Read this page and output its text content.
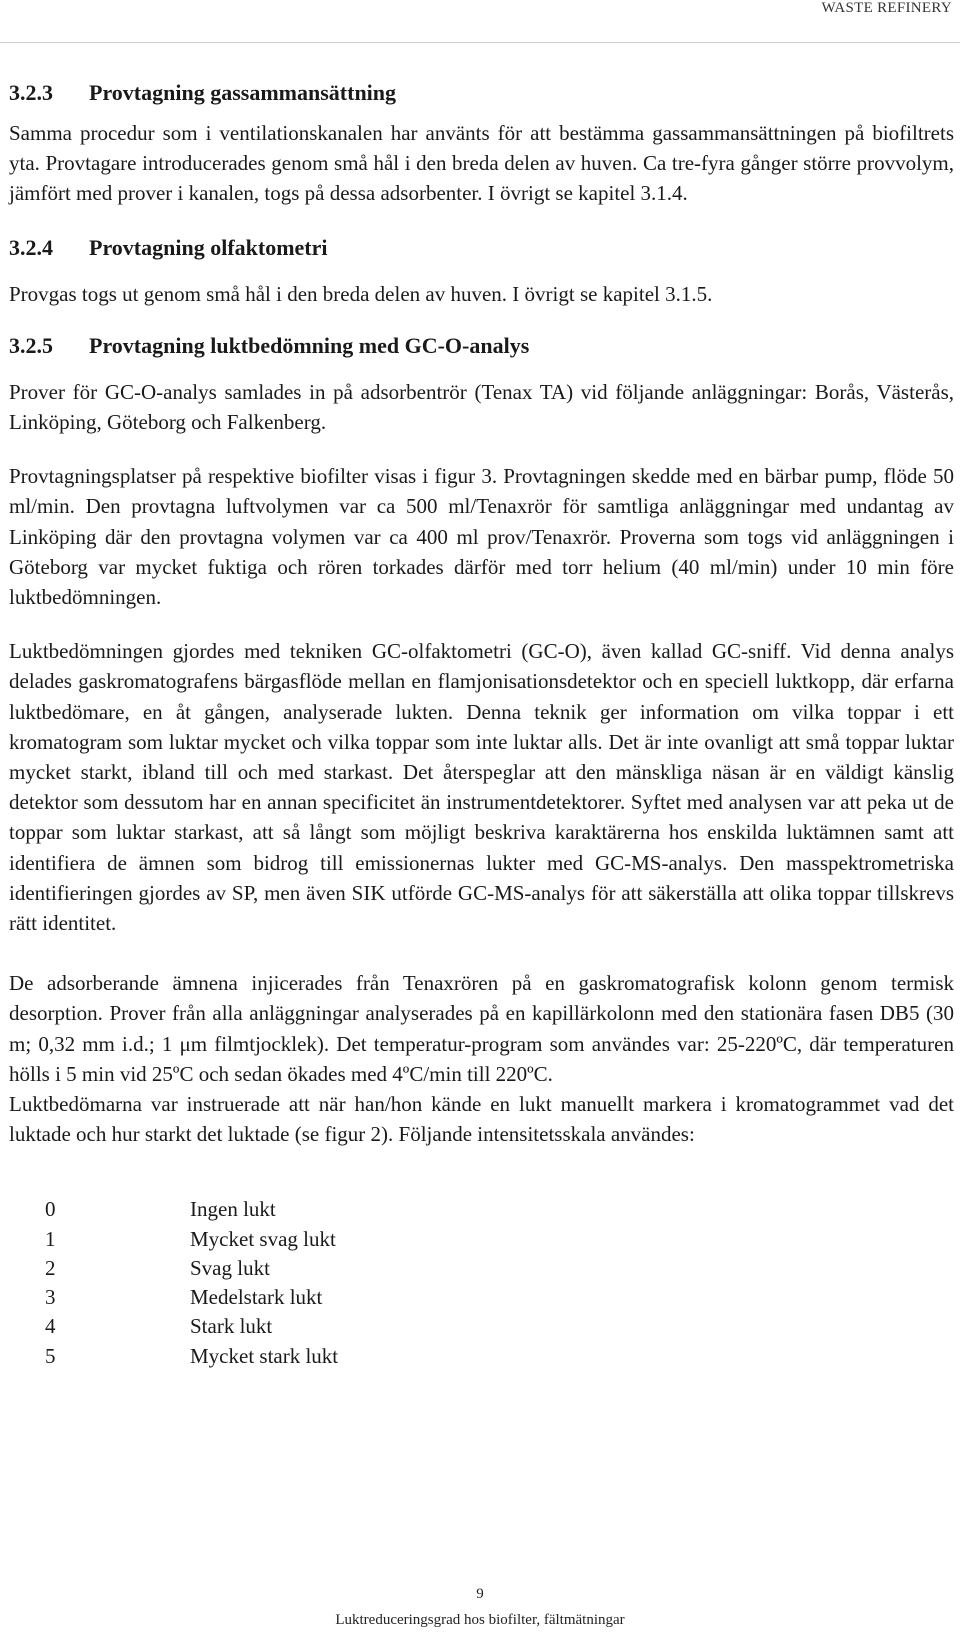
WASTE REFINERY
3.2.3	Provtagning gassammansättning

Samma procedur som i ventilationskanalen har använts för att bestämma gassammansättningen på biofiltrets yta. Provtagare introducerades genom små hål i den breda delen av huven. Ca tre-fyra gånger större provvolym, jämfört med prover i kanalen, togs på dessa adsorbenter. I övrigt se kapitel 3.1.4.

3.2.4	Provtagning olfaktometri

Provgas togs ut genom små hål i den breda delen av huven. I övrigt se kapitel 3.1.5.

3.2.5	Provtagning luktbedömning med GC-O-analys

Prover för GC-O-analys samlades in på adsorbentrör (Tenax TA) vid följande anläggningar: Borås, Västerås, Linköping, Göteborg och Falkenberg.

Provtagningsplatser på respektive biofilter visas i figur 3. Provtagningen skedde med en bärbar pump, flöde 50 ml/min. Den provtagna luftvolymen var ca 500 ml/Tenaxrör för samtliga anläggningar med undantag av Linköping där den provtagna volymen var ca 400 ml prov/Tenaxrör. Proverna som togs vid anläggningen i Göteborg var mycket fuktiga och rören torkades därför med torr helium (40 ml/min) under 10 min före luktbedömningen.

Luktbedömningen gjordes med tekniken GC-olfaktometri (GC-O), även kallad GC-sniff. Vid denna analys delades gaskromatografens bärgasflöde mellan en flamjonisationsdetektor och en speciell luktkopp, där erfarna luktbedömare, en åt gången, analyserade lukten. Denna teknik ger information om vilka toppar i ett kromatogram som luktar mycket och vilka toppar som inte luktar alls. Det är inte ovanligt att små toppar luktar mycket starkt, ibland till och med starkast. Det återspeglar att den mänskliga näsan är en väldigt känslig detektor som dessutom har en annan specificitet än instrumentdetektorer. Syftet med analysen var att peka ut de toppar som luktar starkast, att så långt som möjligt beskriva karaktärerna hos enskilda luktämnen samt att identifiera de ämnen som bidrog till emissionernas lukter med GC-MS-analys. Den masspektrometriska identifieringen gjordes av SP, men även SIK utförde GC-MS-analys för att säkerställa att olika toppar tillskrevs rätt identitet.

De adsorberande ämnena injicerades från Tenaxrören på en gaskromatografisk kolonn genom termisk desorption. Prover från alla anläggningar analyserades på en kapillärkolonn med den stationära fasen DB5 (30 m; 0,32 mm i.d.; 1 μm filmtjocklek). Det temperatur-program som användes var: 25-220ºC, där temperaturen hölls i 5 min vid 25ºC och sedan ökades med 4ºC/min till 220ºC.

Luktbedömarna var instruerade att när han/hon kände en lukt manuellt markera i kromatogrammet vad det luktade och hur starkt det luktade (se figur 2). Följande intensitetsskala användes:

0	Ingen lukt
1	Mycket svag lukt
2	Svag lukt
3	Medelstark lukt
4	Stark lukt
5	Mycket stark lukt
9
Luktreduceringsgrad hos biofilter, fältmätningar
